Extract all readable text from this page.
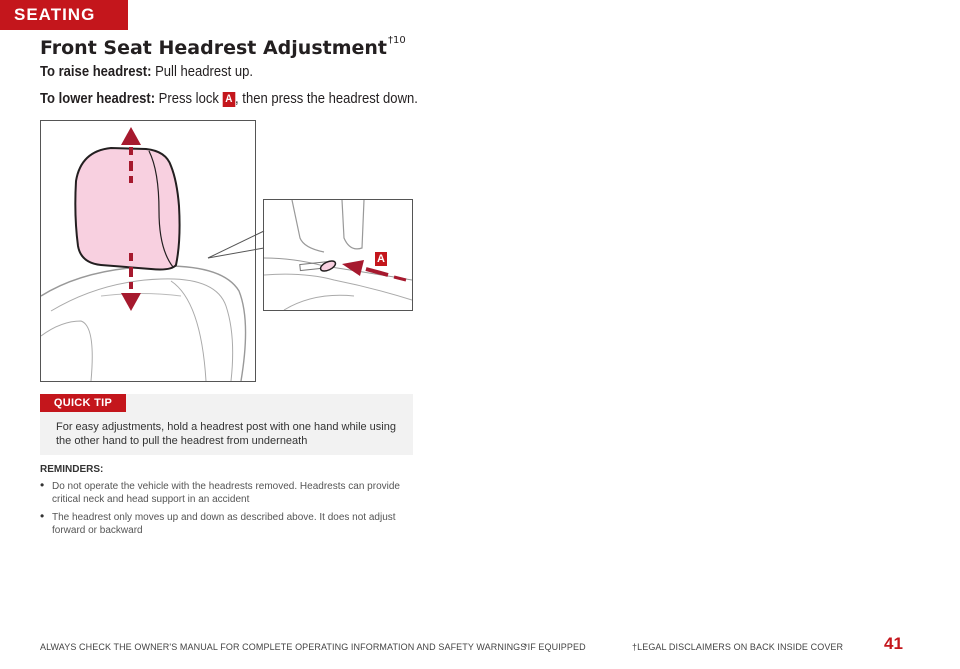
SEATING
Front Seat Headrest Adjustment$^{\dagger 10}$
To raise headrest: Pull headrest up.
To lower headrest: Press lock A , then press the headrest down.
A
QUICK TIP
For easy adjustments, hold a headrest post with one hand while using the other hand to pull the headrest from underneath
REMINDERS:
• Do not operate the vehicle with the headrests removed. Headrests can provide critical neck and head support in an accident
• The headrest only moves up and down as described above. It does not adjust forward or backward
ALWAYS CHECK THE OWNER'S MANUAL FOR COMPLETE OPERATING INFORMATION AND SAFETY WARNINGS
*IF EQUIPPED	†LEGAL DISCLAIMERS ON BACK INSIDE COVER 41
